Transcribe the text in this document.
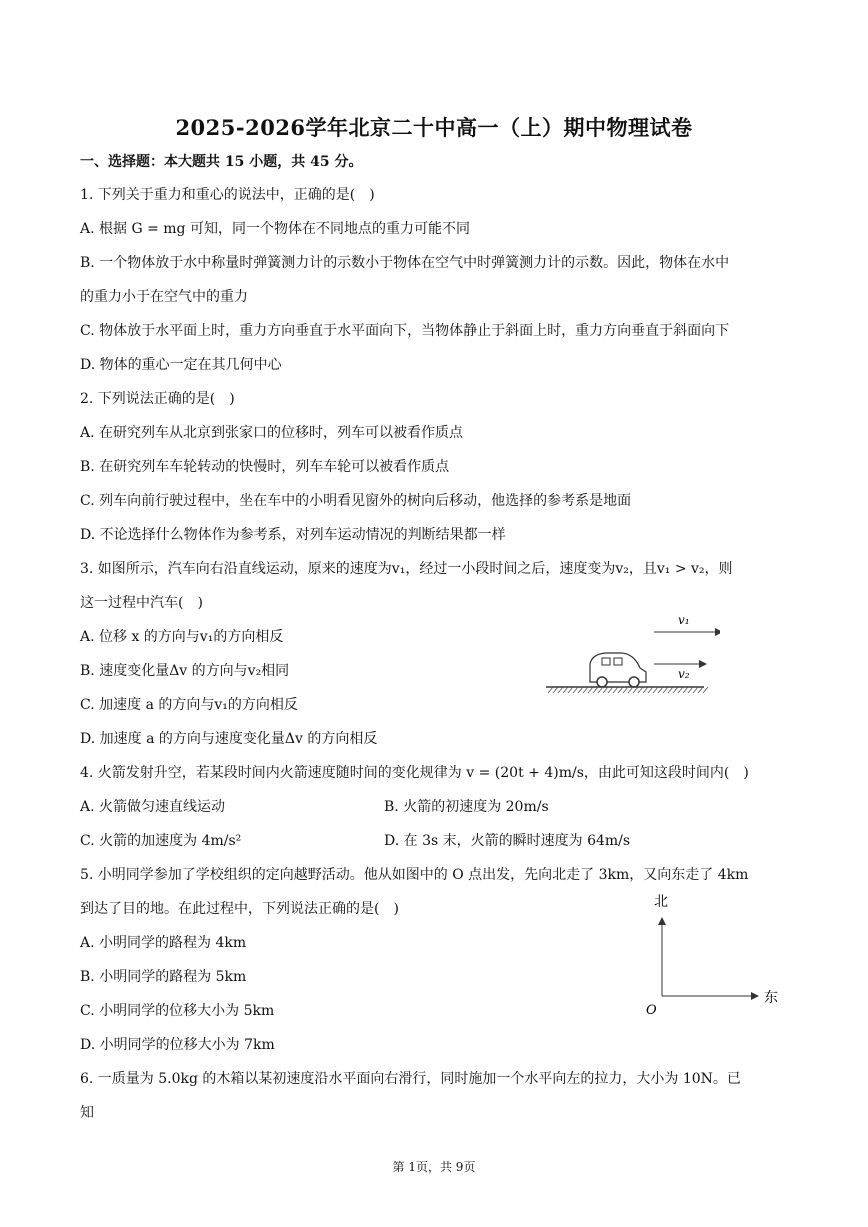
2025-2026学年北京二十中高一（上）期中物理试卷
一、选择题：本大题共 15 小题，共 45 分。
1. 下列关于重力和重心的说法中，正确的是(　)
A. 根据 G = mg 可知，同一个物体在不同地点的重力可能不同
B. 一个物体放于水中称量时弹簧测力计的示数小于物体在空气中时弹簧测力计的示数。因此，物体在水中
的重力小于在空气中的重力
C. 物体放于水平面上时，重力方向垂直于水平面向下，当物体静止于斜面上时，重力方向垂直于斜面向下
D. 物体的重心一定在其几何中心
2. 下列说法正确的是(　)
A. 在研究列车从北京到张家口的位移时，列车可以被看作质点
B. 在研究列车车轮转动的快慢时，列车车轮可以被看作质点
C. 列车向前行驶过程中，坐在车中的小明看见窗外的树向后移动，他选择的参考系是地面
D. 不论选择什么物体作为参考系，对列车运动情况的判断结果都一样
3. 如图所示，汽车向右沿直线运动，原来的速度为v₁，经过一小段时间之后，速度变为v₂，且v₁ > v₂，则
这一过程中汽车(　)
A. 位移 x 的方向与v₁的方向相反
B. 速度变化量Δv 的方向与v₂相同
C. 加速度 a 的方向与v₁的方向相反
D. 加速度 a 的方向与速度变化量Δv 的方向相反
v₁
v₂
4. 火箭发射升空，若某段时间内火箭速度随时间的变化规律为 v = (20t + 4)m/s，由此可知这段时间内(　)
A. 火箭做匀速直线运动	B. 火箭的初速度为 20m/s
C. 火箭的加速度为 4m/s²	D. 在 3s 末，火箭的瞬时速度为 64m/s
5. 小明同学参加了学校组织的定向越野活动。他从如图中的 O 点出发，先向北走了 3km，又向东走了 4km
到达了目的地。在此过程中，下列说法正确的是(　)
A. 小明同学的路程为 4km
B. 小明同学的路程为 5km
C. 小明同学的位移大小为 5km
D. 小明同学的位移大小为 7km
北
东
O
6. 一质量为 5.0kg 的木箱以某初速度沿水平面向右滑行，同时施加一个水平向左的拉力，大小为 10N。已
知
第 1页，共 9页
